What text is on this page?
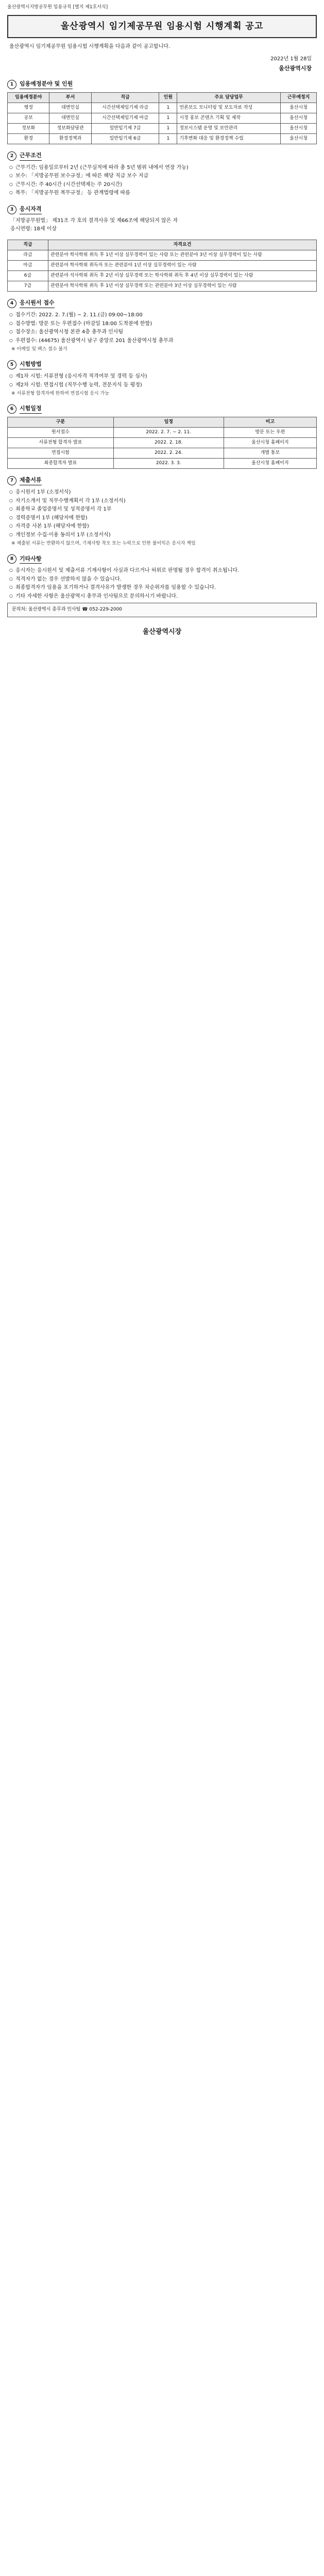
울산광역시지방공무원 임용규칙 [별지 제1호서식]
울산광역시 임기제공무원 임용시험 시행계획 공고
울산광역시 임기제공무원 임용시험 시행계획을 다음과 같이 공고합니다.
2022년 1월 28일
울산광역시장
1	임용예정분야 및 인원
임용예정분야	부서	직급	인원	주요 담당업무	근무예정지
행정	대변인실	시간선택제임기제 라급	1	언론보도 모니터링 및 보도자료 작성	울산시청
공보	대변인실	시간선택제임기제 마급	1	시정 홍보 콘텐츠 기획 및 제작	울산시청
정보화	정보화담당관	일반임기제 7급	1	정보시스템 운영 및 보안관리	울산시청
환경	환경정책과	일반임기제 6급	1	기후변화 대응 및 환경정책 수립	울산시청
2	근무조건
○ 근무기간: 임용일로부터 2년 (근무실적에 따라 총 5년 범위 내에서 연장 가능)
○ 보수: 「지방공무원 보수규정」에 따른 해당 직급 보수 지급
○ 근무시간: 주 40시간 (시간선택제는 주 20시간)
○ 복무: 「지방공무원 복무규정」 등 관계법령에 따름
3	응시자격
「지방공무원법」 제31조 각 호의 결격사유 및 제66조에 해당되지 않은 자
응시연령: 18세 이상
직급	자격요건
라급	관련분야 학사학위 취득 후 1년 이상 실무경력이 있는 사람 또는 관련분야 3년 이상 실무경력이 있는 사람
마급	관련분야 학사학위 취득자 또는 관련분야 1년 이상 실무경력이 있는 사람
6급	관련분야 석사학위 취득 후 2년 이상 실무경력 또는 학사학위 취득 후 4년 이상 실무경력이 있는 사람
7급	관련분야 학사학위 취득 후 1년 이상 실무경력 또는 관련분야 3년 이상 실무경력이 있는 사람
4	응시원서 접수
○ 접수기간: 2022. 2. 7.(월) ~ 2. 11.(금) 09:00~18:00
○ 접수방법: 방문 또는 우편접수 (마감일 18:00 도착분에 한함)
○ 접수장소: 울산광역시청 본관 4층 총무과 인사팀
○ 우편접수: (44675) 울산광역시 남구 중앙로 201 울산광역시청 총무과
※ 이메일 및 팩스 접수 불가
5	시험방법
○ 제1차 시험: 서류전형 (응시자격 적격여부 및 경력 등 심사)
○ 제2차 시험: 면접시험 (직무수행 능력, 전문지식 등 평정)
※ 서류전형 합격자에 한하여 면접시험 응시 가능
6	시험일정
구분	일정	비고
원서접수	2022. 2. 7. ~ 2. 11.	방문 또는 우편
서류전형 합격자 발표	2022. 2. 18.	울산시청 홈페이지
면접시험	2022. 2. 24.	개별 통보
최종합격자 발표	2022. 3. 3.	울산시청 홈페이지
7	제출서류
○ 응시원서 1부 (소정서식)
○ 자기소개서 및 직무수행계획서 각 1부 (소정서식)
○ 최종학교 졸업증명서 및 성적증명서 각 1부
○ 경력증명서 1부 (해당자에 한함)
○ 자격증 사본 1부 (해당자에 한함)
○ 개인정보 수집·이용 동의서 1부 (소정서식)
※ 제출된 서류는 반환하지 않으며, 기재사항 착오 또는 누락으로 인한 불이익은 응시자 책임
8	기타사항
○ 응시자는 응시원서 및 제출서류 기재사항이 사실과 다르거나 허위로 판명될 경우 합격이 취소됩니다.
○ 적격자가 없는 경우 선발하지 않을 수 있습니다.
○ 최종합격자가 임용을 포기하거나 결격사유가 발생한 경우 차순위자를 임용할 수 있습니다.
○ 기타 자세한 사항은 울산광역시 총무과 인사팀으로 문의하시기 바랍니다.
문의처: 울산광역시 총무과 인사팀 ☎ 052-229-2000
울산광역시장
